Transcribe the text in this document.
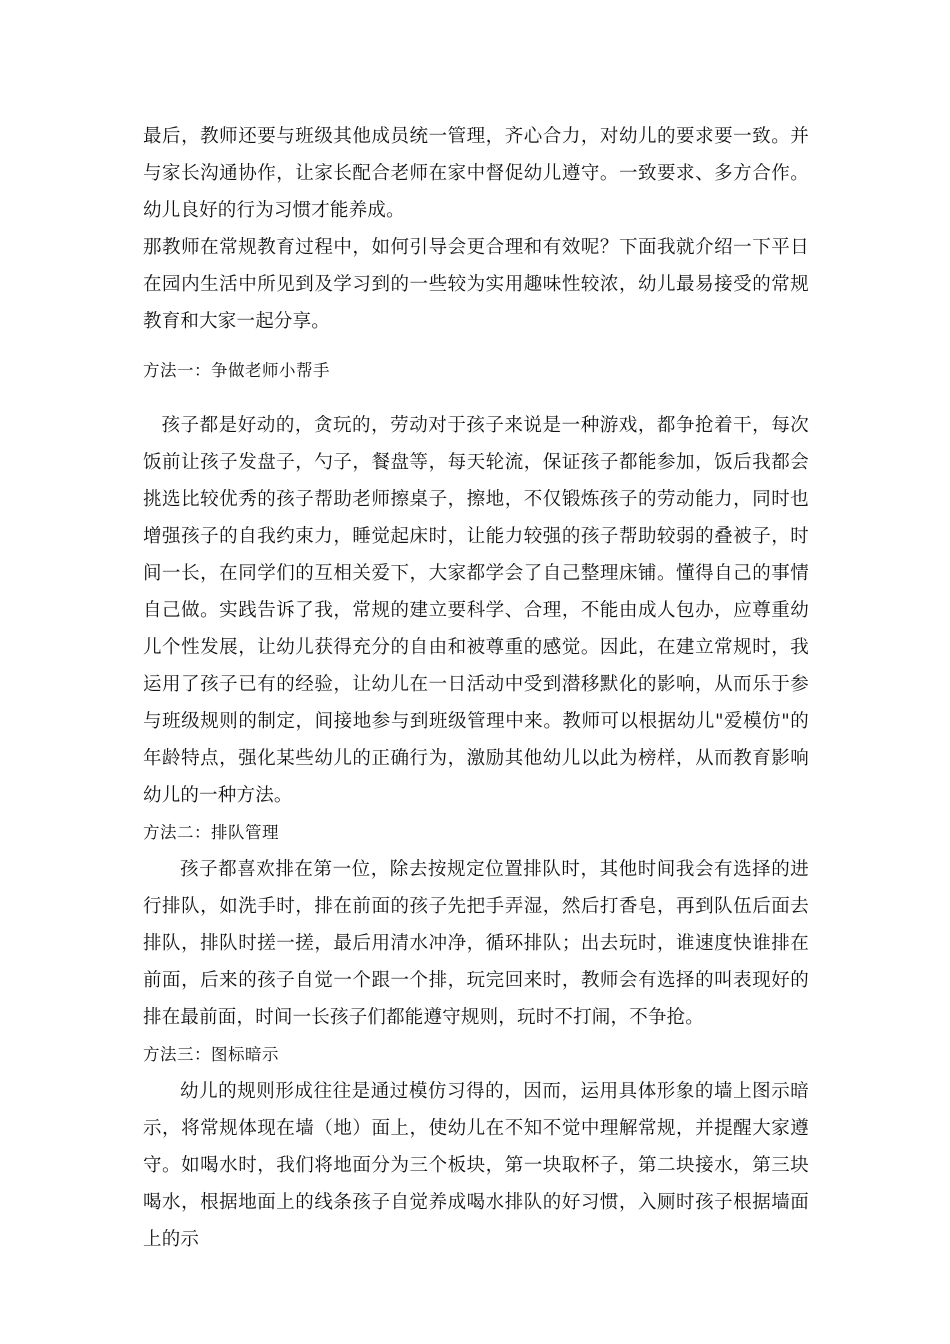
最后，教师还要与班级其他成员统一管理，齐心合力，对幼儿的要求要一致。并与家长沟通协作，让家长配合老师在家中督促幼儿遵守。一致要求、多方合作。幼儿良好的行为习惯才能养成。

那教师在常规教育过程中，如何引导会更合理和有效呢？下面我就介绍一下平日在园内生活中所见到及学习到的一些较为实用趣味性较浓，幼儿最易接受的常规教育和大家一起分享。

方法一：争做老师小帮手

孩子都是好动的，贪玩的，劳动对于孩子来说是一种游戏，都争抢着干，每次饭前让孩子发盘子，勺子，餐盘等，每天轮流，保证孩子都能参加，饭后我都会挑选比较优秀的孩子帮助老师擦桌子，擦地，不仅锻炼孩子的劳动能力，同时也增强孩子的自我约束力，睡觉起床时，让能力较强的孩子帮助较弱的叠被子，时间一长，在同学们的互相关爱下，大家都学会了自己整理床铺。懂得自己的事情自己做。实践告诉了我，常规的建立要科学、合理，不能由成人包办，应尊重幼儿个性发展，让幼儿获得充分的自由和被尊重的感觉。因此，在建立常规时，我运用了孩子已有的经验，让幼儿在一日活动中受到潜移默化的影响，从而乐于参与班级规则的制定，间接地参与到班级管理中来。教师可以根据幼儿"爱模仿"的年龄特点，强化某些幼儿的正确行为，激励其他幼儿以此为榜样，从而教育影响幼儿的一种方法。

方法二：排队管理

孩子都喜欢排在第一位，除去按规定位置排队时，其他时间我会有选择的进行排队，如洗手时，排在前面的孩子先把手弄湿，然后打香皂，再到队伍后面去排队，排队时搓一搓，最后用清水冲净，循环排队；出去玩时，谁速度快谁排在前面，后来的孩子自觉一个跟一个排，玩完回来时，教师会有选择的叫表现好的排在最前面，时间一长孩子们都能遵守规则，玩时不打闹，不争抢。

方法三：图标暗示

幼儿的规则形成往往是通过模仿习得的，因而，运用具体形象的墙上图示暗示，将常规体现在墙（地）面上，使幼儿在不知不觉中理解常规，并提醒大家遵守。如喝水时，我们将地面分为三个板块，第一块取杯子，第二块接水，第三块喝水，根据地面上的线条孩子自觉养成喝水排队的好习惯，入厕时孩子根据墙面上的示
